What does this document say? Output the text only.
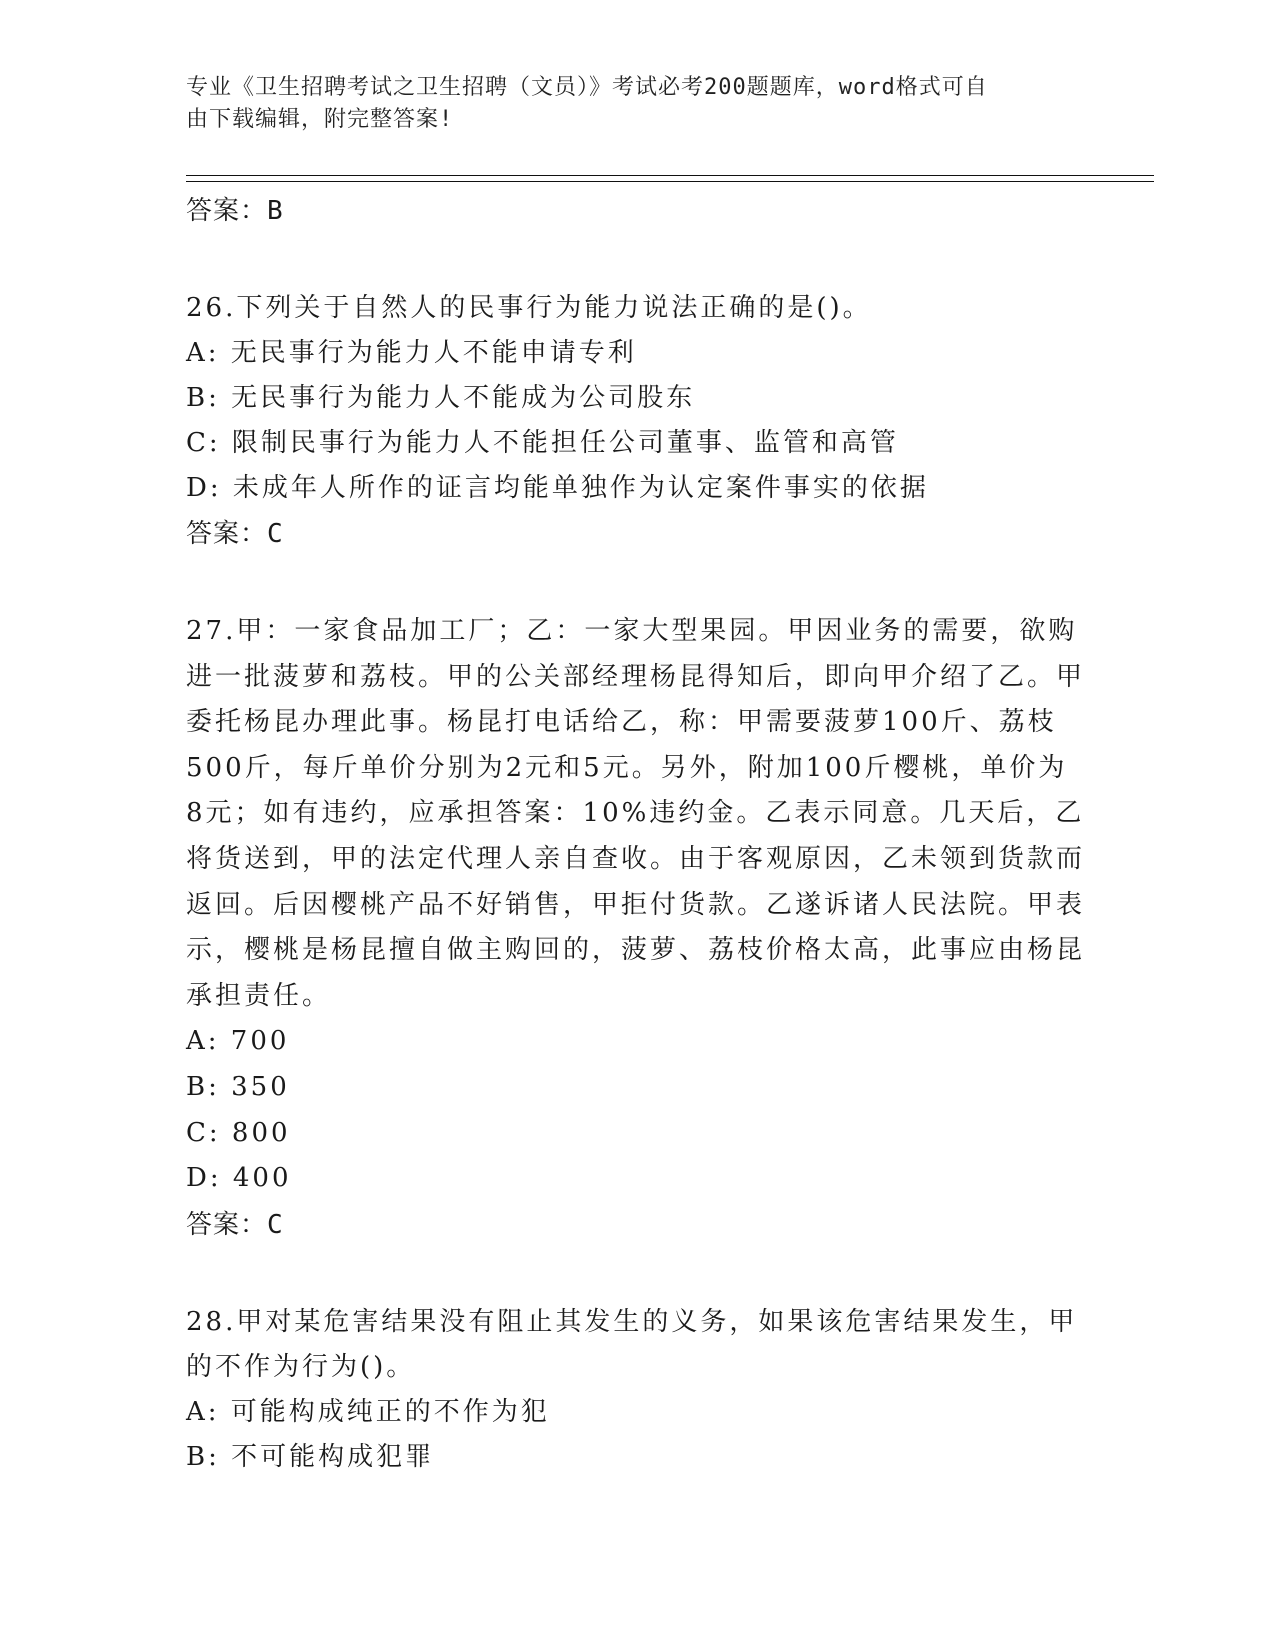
专业《卫生招聘考试之卫生招聘（文员）》考试必考200题题库，word格式可自
由下载编辑，附完整答案!

答案：B

26.下列关于自然人的民事行为能力说法正确的是()。

A: 无民事行为能力人不能申请专利

B: 无民事行为能力人不能成为公司股东

C: 限制民事行为能力人不能担任公司董事、监管和高管

D: 未成年人所作的证言均能单独作为认定案件事实的依据

答案：C

27.甲：一家食品加工厂；乙：一家大型果园。甲因业务的需要，欲购进一批菠萝和荔枝。甲的公关部经理杨昆得知后，即向甲介绍了乙。甲委托杨昆办理此事。杨昆打电话给乙，称：甲需要菠萝100斤、荔枝500斤，每斤单价分别为2元和5元。另外，附加100斤樱桃，单价为8元；如有违约，应承担答案：10%违约金。乙表示同意。几天后，乙将货送到，甲的法定代理人亲自查收。由于客观原因，乙未领到货款而返回。后因樱桃产品不好销售，甲拒付货款。乙遂诉诸人民法院。甲表示，樱桃是杨昆擅自做主购回的，菠萝、荔枝价格太高，此事应由杨昆承担责任。

A: 700

B: 350

C: 800

D: 400

答案：C

28.甲对某危害结果没有阻止其发生的义务，如果该危害结果发生，甲的不作为行为()。

A: 可能构成纯正的不作为犯

B: 不可能构成犯罪
